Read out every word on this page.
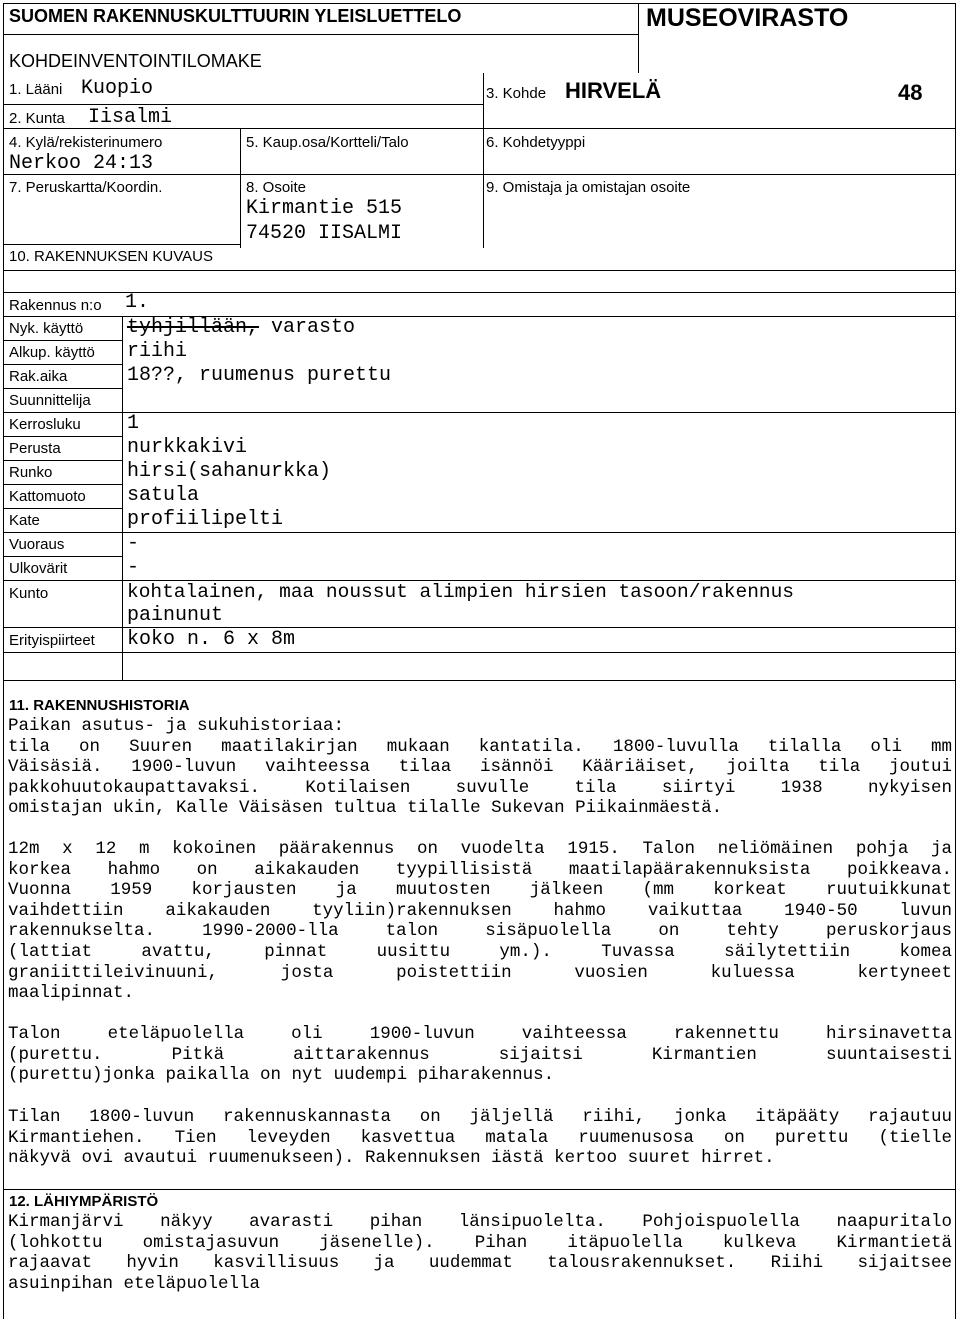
SUOMEN RAKENNUSKULTTUURIN YLEISLUETTELO	MUSEOVIRASTO
KOHDEINVENTOINTILOMAKE
1. Lääni Kuopio
2. Kunta Iisalmi
3. Kohde HIRVELÄ	48
4. Kylä/rekisterinumero
Nerkoo 24:13
5. Kaup.osa/Kortteli/Talo	6. Kohdetyyppi
7. Peruskartta/Koordin.	8. Osoite
Kirmantie 515
74520 IISALMI
9. Omistaja ja omistajan osoite
10. RAKENNUKSEN KUVAUS
Rakennus n:o 1.
Nyk. käyttö tyhjillään, varasto
Alkup. käyttö riihi
Rak.aika	18??, ruumenus purettu
Suunnittelija
Kerrosluku 1
Perusta	nurkkakivi
Runko	hirsi(sahanurkka)
Kattomuoto satula
Kate	profiilipelti
Vuoraus	-
Ulkovärit	-
Kunto	kohtalainen, maa noussut alimpien hirsien tasoon/rakennus
painunut
Erityispiirteet koko n. 6 x 8m
11. RAKENNUSHISTORIA
Paikan asutus- ja sukuhistoriaa:
tila on Suuren maatilakirjan mukaan kantatila. 1800-luvulla tilalla oli mm
Väisäsiä. 1900-luvun vaihteessa tilaa isännöi Kääriäiset, joilta tila joutui
pakkohuutokaupattavaksi. Kotilaisen suvulle tila siirtyi 1938 nykyisen
omistajan ukin, Kalle Väisäsen tultua tilalle Sukevan Piikainmäestä.
12m x 12 m kokoinen päärakennus on vuodelta 1915. Talon neliömäinen pohja ja
korkea hahmo on aikakauden tyypillisistä maatilapäärakennuksista poikkeava.
Vuonna 1959 korjausten ja muutosten jälkeen (mm korkeat ruutuikkunat
vaihdettiin aikakauden tyyliin)rakennuksen hahmo vaikuttaa 1940-50 luvun
rakennukselta. 1990-2000-lla talon sisäpuolella on tehty peruskorjaus
(lattiat avattu, pinnat uusittu ym.). Tuvassa säilytettiin komea
graniittileivinuuni, josta poistettiin vuosien kuluessa kertyneet
maalipinnat.
Talon eteläpuolella oli 1900-luvun vaihteessa rakennettu hirsinavetta
(purettu. Pitkä aittarakennus sijaitsi Kirmantien suuntaisesti
(purettu)jonka paikalla on nyt uudempi piharakennus.
Tilan 1800-luvun rakennuskannasta on jäljellä riihi, jonka itäpääty rajautuu
Kirmantiehen. Tien leveyden kasvettua matala ruumenusosa on purettu (tielle
näkyvä ovi avautui ruumenukseen). Rakennuksen iästä kertoo suuret hirret.
12. LÄHIYMPÄRISTÖ
Kirmanjärvi näkyy avarasti pihan länsipuolelta. Pohjoispuolella naapuritalo
(lohkottu omistajasuvun jäsenelle). Pihan itäpuolella kulkeva Kirmantietä
rajaavat hyvin kasvillisuus ja uudemmat talousrakennukset. Riihi sijaitsee
asuinpihan eteläpuolella
